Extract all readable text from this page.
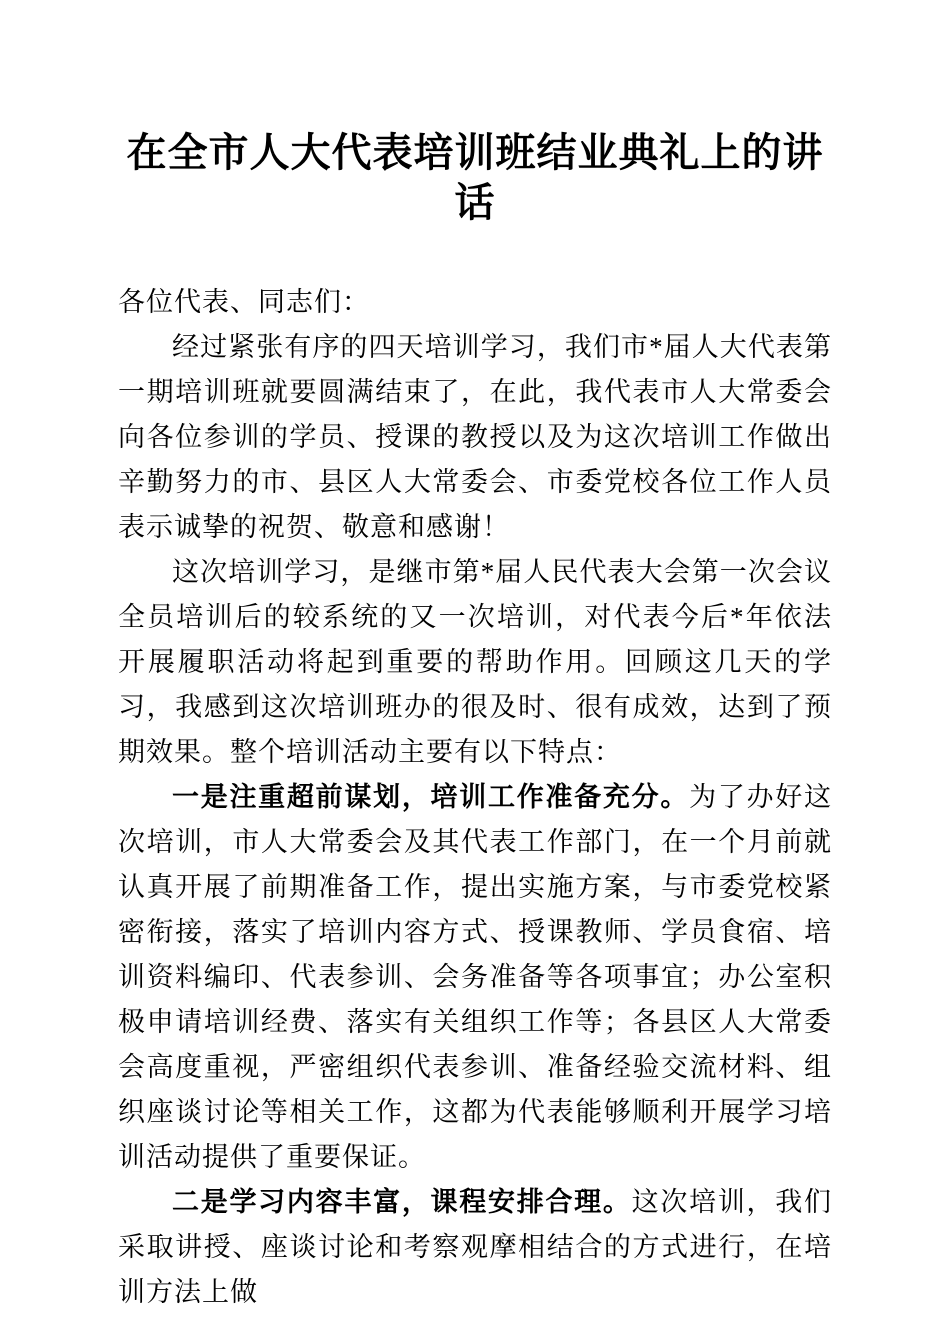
在全市人大代表培训班结业典礼上的讲话

各位代表、同志们：

经过紧张有序的四天培训学习，我们市*届人大代表第一期培训班就要圆满结束了，在此，我代表市人大常委会向各位参训的学员、授课的教授以及为这次培训工作做出辛勤努力的市、县区人大常委会、市委党校各位工作人员表示诚挚的祝贺、敬意和感谢！

这次培训学习，是继市第*届人民代表大会第一次会议全员培训后的较系统的又一次培训，对代表今后*年依法开展履职活动将起到重要的帮助作用。回顾这几天的学习，我感到这次培训班办的很及时、很有成效，达到了预期效果。整个培训活动主要有以下特点：

一是注重超前谋划，培训工作准备充分。为了办好这次培训，市人大常委会及其代表工作部门，在一个月前就认真开展了前期准备工作，提出实施方案，与市委党校紧密衔接，落实了培训内容方式、授课教师、学员食宿、培训资料编印、代表参训、会务准备等各项事宜；办公室积极申请培训经费、落实有关组织工作等；各县区人大常委会高度重视，严密组织代表参训、准备经验交流材料、组织座谈讨论等相关工作，这都为代表能够顺利开展学习培训活动提供了重要保证。

二是学习内容丰富，课程安排合理。这次培训，我们采取讲授、座谈讨论和考察观摩相结合的方式进行，在培训方法上做
